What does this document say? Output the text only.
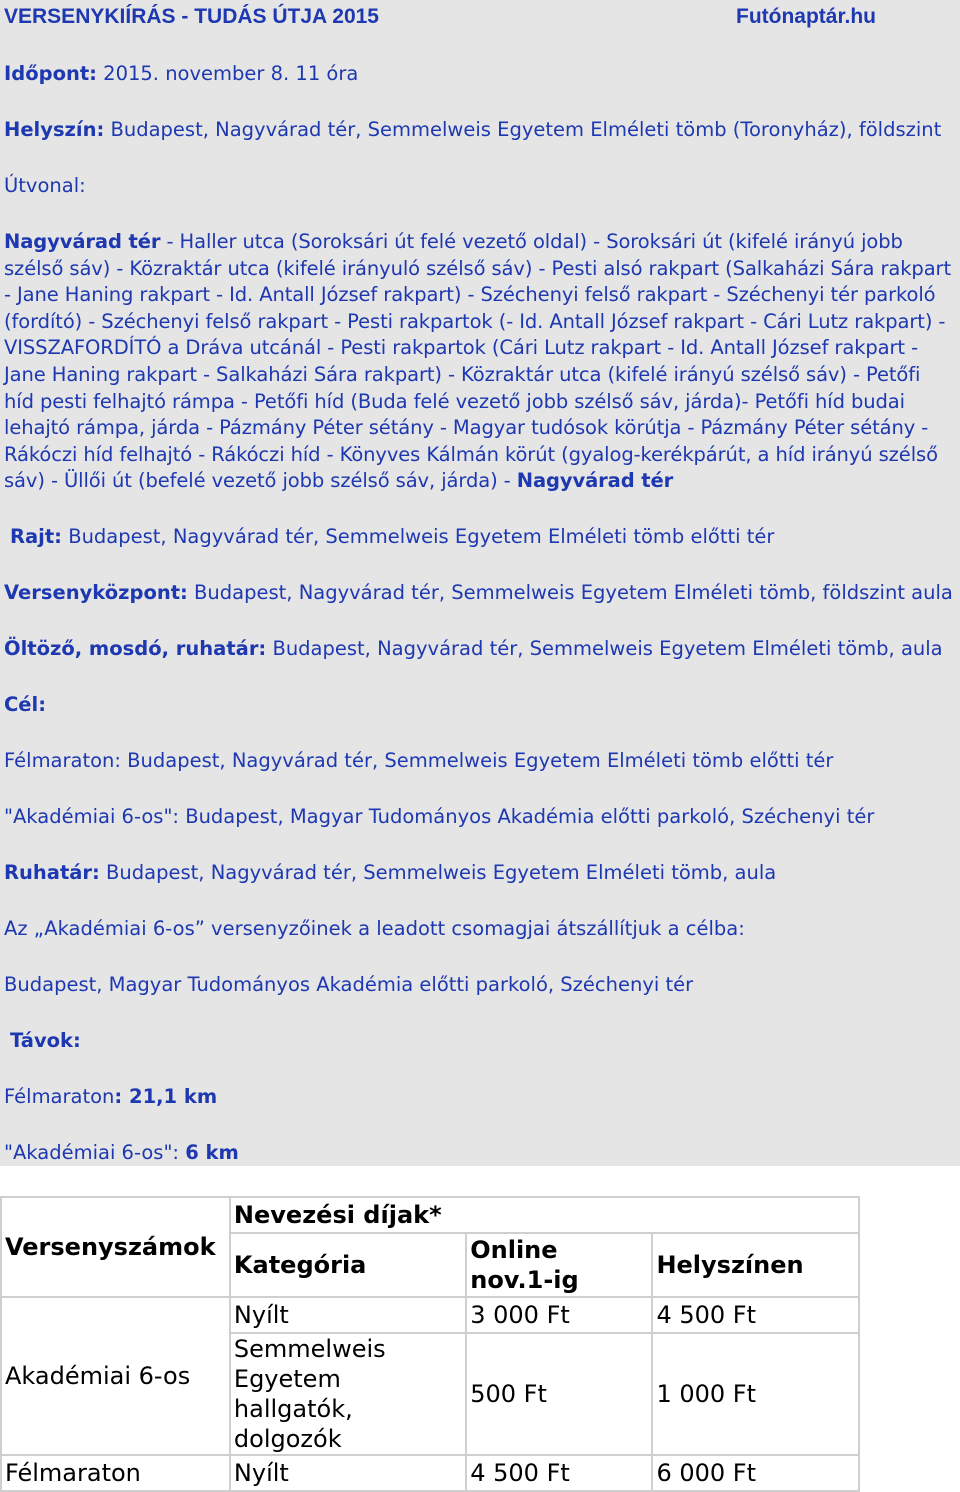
VERSENYKIÍRÁS - TUDÁS ÚTJA 2015	Futónaptár.hu

Időpont: 2015. november 8. 11 óra

Helyszín: Budapest, Nagyvárad tér, Semmelweis Egyetem Elméleti tömb (Toronyház), földszint

Útvonal:

Nagyvárad tér - Haller utca (Soroksári út felé vezető oldal) - Soroksári út (kifelé irányú jobb szélső sáv) - Közraktár utca (kifelé irányuló szélső sáv) - Pesti alsó rakpart (Salkaházi Sára rakpart - Jane Haning rakpart - Id. Antall József rakpart) - Széchenyi felső rakpart - Széchenyi tér parkoló (fordító) - Széchenyi felső rakpart - Pesti rakpartok (- Id. Antall József rakpart - Cári Lutz rakpart) - VISSZAFORDÍTÓ a Dráva utcánál - Pesti rakpartok (Cári Lutz rakpart - Id. Antall József rakpart - Jane Haning rakpart - Salkaházi Sára rakpart) - Közraktár utca (kifelé irányú szélső sáv) - Petőfi híd pesti felhajtó rámpa - Petőfi híd (Buda felé vezető jobb szélső sáv, járda)- Petőfi híd budai lehajtó rámpa, járda - Pázmány Péter sétány - Magyar tudósok körútja - Pázmány Péter sétány - Rákóczi híd felhajtó - Rákóczi híd - Könyves Kálmán körút (gyalog-kerékpárút, a híd irányú szélső sáv) - Üllői út (befelé vezető jobb szélső sáv, járda) - Nagyvárad tér

Rajt: Budapest, Nagyvárad tér, Semmelweis Egyetem Elméleti tömb előtti tér

Versenyközpont: Budapest, Nagyvárad tér, Semmelweis Egyetem Elméleti tömb, földszint aula

Öltöző, mosdó, ruhatár: Budapest, Nagyvárad tér, Semmelweis Egyetem Elméleti tömb, aula

Cél:

Félmaraton: Budapest, Nagyvárad tér, Semmelweis Egyetem Elméleti tömb előtti tér

"Akadémiai 6-os": Budapest, Magyar Tudományos Akadémia előtti parkoló, Széchenyi tér

Ruhatár: Budapest, Nagyvárad tér, Semmelweis Egyetem Elméleti tömb, aula

Az „Akadémiai 6-os” versenyzőinek a leadott csomagjai átszállítjuk a célba:

Budapest, Magyar Tudományos Akadémia előtti parkoló, Széchenyi tér

Távok:

Félmaraton: 21,1 km

"Akadémiai 6-os": 6 km

Versenyszámok	Nevezési díjak*		
	Kategória	Online nov.1-ig	Helyszínen
Akadémiai 6-os	Nyílt	3 000 Ft	4 500 Ft
	Semmelweis Egyetem hallgatók, dolgozók	500 Ft	1 000 Ft
Félmaraton	Nyílt	4 500 Ft	6 000 Ft
